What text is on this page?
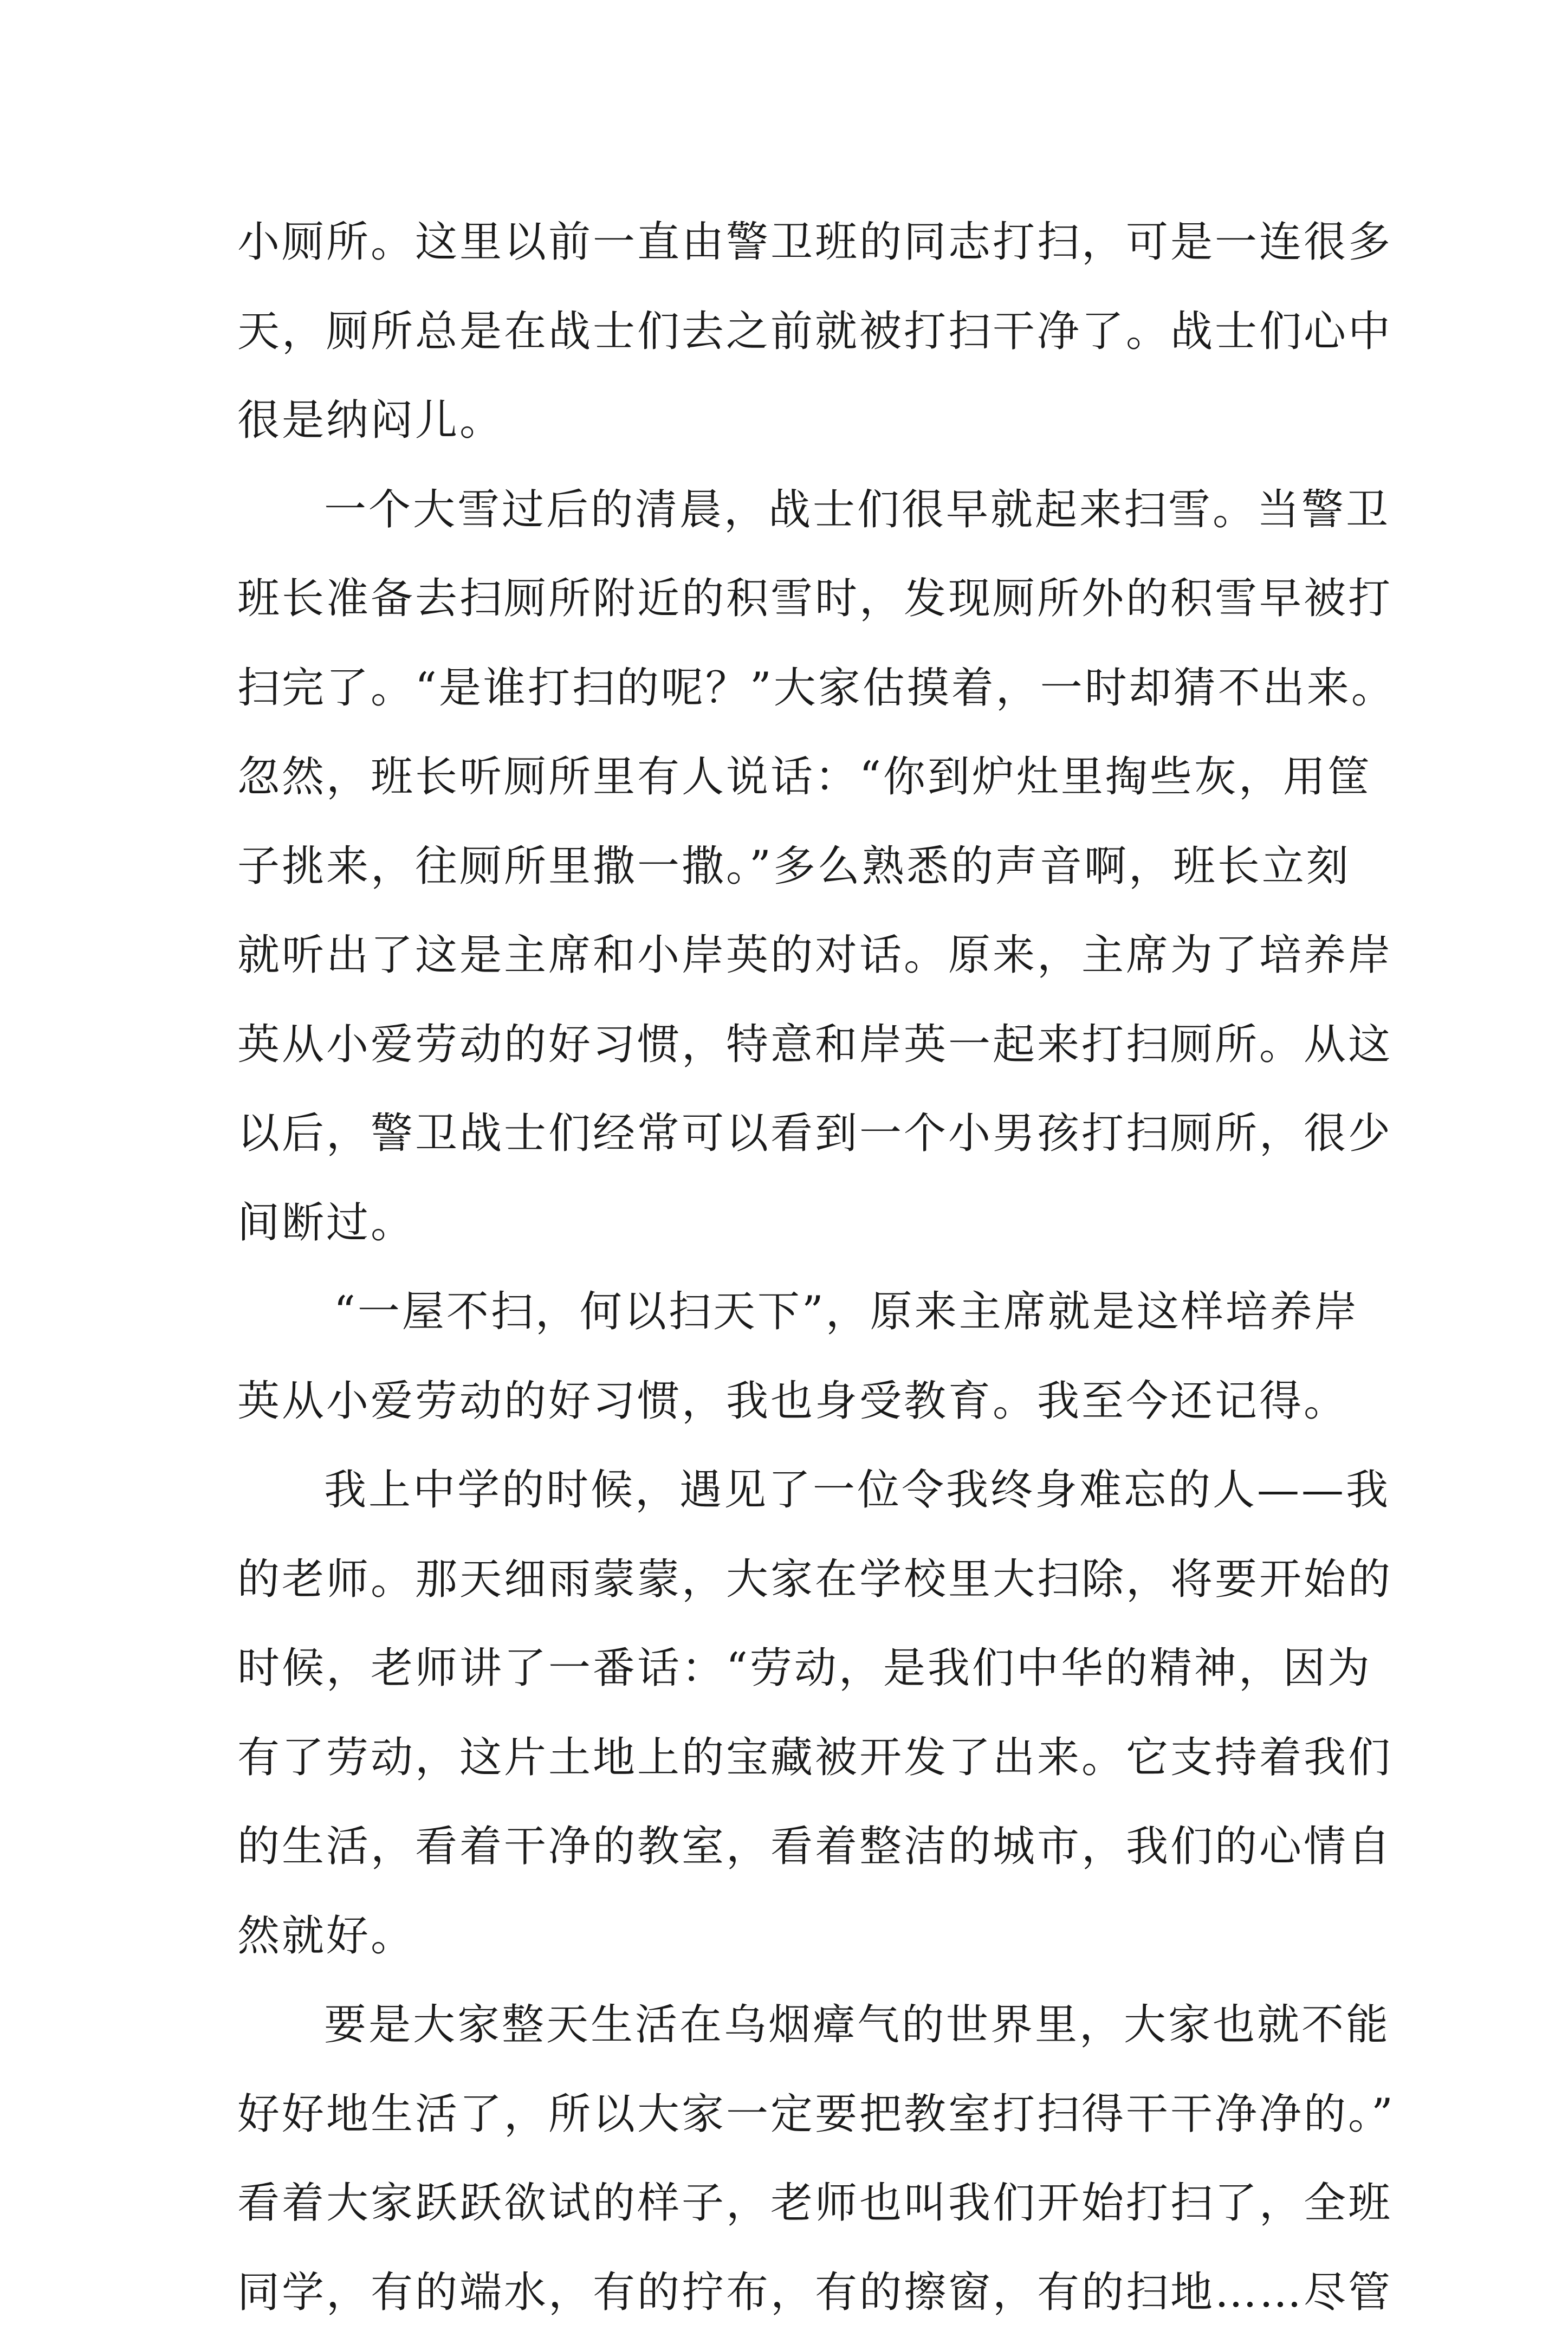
小厕所。这里以前一直由警卫班的同志打扫，可是一连很多
天，厕所总是在战士们去之前就被打扫干净了。战士们心中
很是纳闷儿。
一个大雪过后的清晨，战士们很早就起来扫雪。当警卫
班长准备去扫厕所附近的积雪时，发现厕所外的积雪早被打
扫完了。“是谁打扫的呢？”大家估摸着，一时却猜不出来。
忽然，班长听厕所里有人说话：“你到炉灶里掏些灰，用筐
子挑来，往厕所里撒一撒。”多么熟悉的声音啊，班长立刻
就听出了这是主席和小岸英的对话。原来，主席为了培养岸
英从小爱劳动的好习惯，特意和岸英一起来打扫厕所。从这
以后，警卫战士们经常可以看到一个小男孩打扫厕所，很少
间断过。
“一屋不扫，何以扫天下”，原来主席就是这样培养岸
英从小爱劳动的好习惯，我也身受教育。我至今还记得。
我上中学的时候，遇见了一位令我终身难忘的人——我
的老师。那天细雨蒙蒙，大家在学校里大扫除，将要开始的
时候，老师讲了一番话：“劳动，是我们中华的精神，因为
有了劳动，这片土地上的宝藏被开发了出来。它支持着我们
的生活，看着干净的教室，看着整洁的城市，我们的心情自
然就好。
要是大家整天生活在乌烟瘴气的世界里，大家也就不能
好好地生活了，所以大家一定要把教室打扫得干干净净的。”
看着大家跃跃欲试的样子，老师也叫我们开始打扫了，全班
同学，有的端水，有的拧布，有的擦窗，有的扫地……尽管
